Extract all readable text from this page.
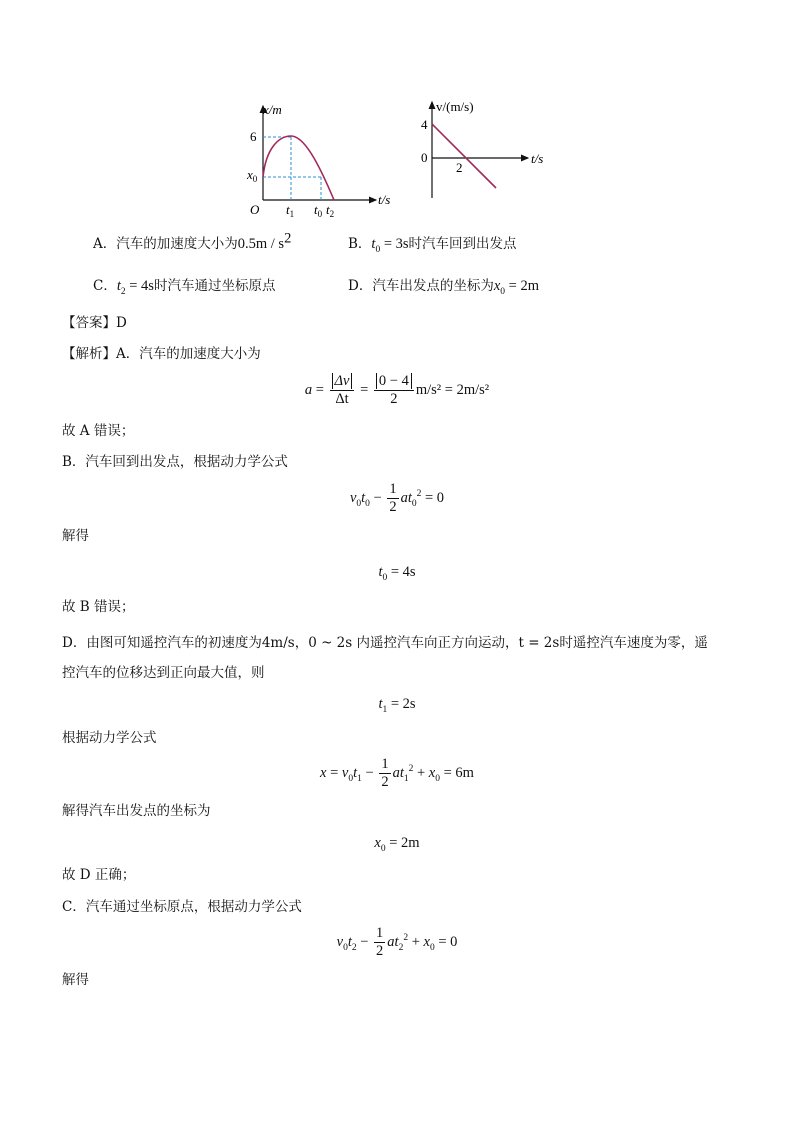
x/m
t/s
O
6
$x_0$
$t_1$ $t_0$ $t_2$
v/(m/s)
t/s
4
0
2
A．汽车的加速度大小为$0.5m / s^2$	B．$t_0 = 3s$时汽车回到出发点
C．$t_2 = 4s$时汽车通过坐标原点	D．汽车出发点的坐标为$x_0 = 2m$
【答案】D
【解析】A．汽车的加速度大小为
$a = \frac{\Delta v}{\Delta t} = \frac{0 - 4}{2} m/s^2 = 2m/s^2$
故 A 错误；
B．汽车回到出发点，根据动力学公式
$v_0t_0 - \frac{1}{2} at_0^2 = 0$
解得
$t_0 = 4s$
故 B 错误；
D．由图可知遥控汽车的初速度为4m/s，0 ~ 2s 内遥控汽车向正方向运动，t = 2s时遥控汽车速度为零，遥
控汽车的位移达到正向最大值，则
$t_1 = 2s$
根据动力学公式
$x = v_0t_1 - \frac{1}{2} at_1^2 + x_0 = 6m$
解得汽车出发点的坐标为
$x_0 = 2m$
故 D 正确；
C．汽车通过坐标原点，根据动力学公式
$v_0t_2 - \frac{1}{2} at_2^2 + x_0 = 0$
解得
